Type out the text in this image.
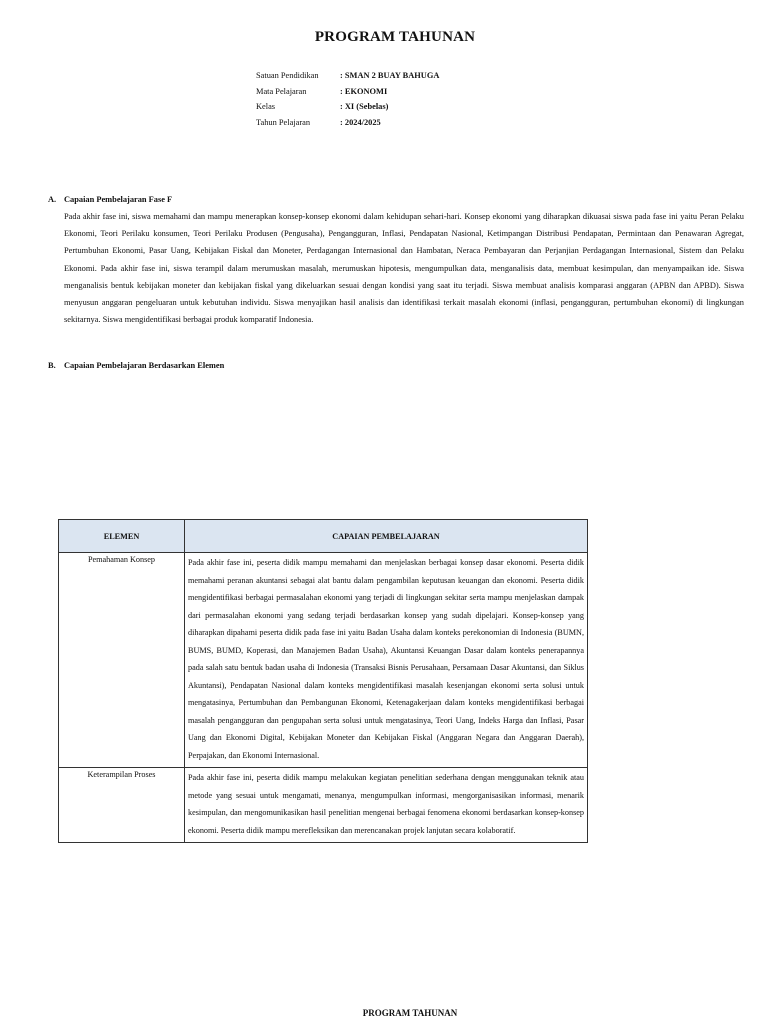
PROGRAM TAHUNAN
Satuan Pendidikan	: SMAN 2 BUAY BAHUGA
Mata Pelajaran	: EKONOMI
Kelas	: XI (Sebelas)
Tahun Pelajaran	: 2024/2025
A. Capaian Pembelajaran Fase F
Pada akhir fase ini, siswa memahami dan mampu menerapkan konsep-konsep ekonomi dalam kehidupan sehari-hari. Konsep ekonomi yang diharapkan dikuasai siswa pada fase ini yaitu Peran Pelaku Ekonomi, Teori Perilaku konsumen, Teori Perilaku Produsen (Pengusaha), Pengangguran, Inflasi, Pendapatan Nasional, Ketimpangan Distribusi Pendapatan, Permintaan dan Penawaran Agregat, Pertumbuhan Ekonomi, Pasar Uang, Kebijakan Fiskal dan Moneter, Perdagangan Internasional dan Hambatan, Neraca Pembayaran dan Perjanjian Perdagangan Internasional, Sistem dan Pelaku Ekonomi. Pada akhir fase ini, siswa terampil dalam merumuskan masalah, merumuskan hipotesis, mengumpulkan data, menganalisis data, membuat kesimpulan, dan menyampaikan ide. Siswa menganalisis bentuk kebijakan moneter dan kebijakan fiskal yang dikeluarkan sesuai dengan kondisi yang saat itu terjadi. Siswa membuat analisis komparasi anggaran (APBN dan APBD). Siswa menyusun anggaran pengeluaran untuk kebutuhan individu. Siswa menyajikan hasil analisis dan identifikasi terkait masalah ekonomi (inflasi, pengangguran, pertumbuhan ekonomi) di lingkungan sekitarnya. Siswa mengidentifikasi berbagai produk komparatif Indonesia.
B. Capaian Pembelajaran Berdasarkan Elemen
ELEMEN	CAPAIAN PEMBELAJARAN
Pemahaman Konsep	Pada akhir fase ini, peserta didik mampu memahami dan menjelaskan berbagai konsep dasar ekonomi. Peserta didik memahami peranan akuntansi sebagai alat bantu dalam pengambilan keputusan keuangan dan ekonomi. Peserta didik mengidentifikasi berbagai permasalahan ekonomi yang terjadi di lingkungan sekitar serta mampu menjelaskan dampak dari permasalahan ekonomi yang sedang terjadi berdasarkan konsep yang sudah dipelajari. Konsep-konsep yang diharapkan dipahami peserta didik pada fase ini yaitu Badan Usaha dalam konteks perekonomian di Indonesia (BUMN, BUMS, BUMD, Koperasi, dan Manajemen Badan Usaha), Akuntansi Keuangan Dasar dalam konteks penerapannya pada salah satu bentuk badan usaha di Indonesia (Transaksi Bisnis Perusahaan, Persamaan Dasar Akuntansi, dan Siklus Akuntansi), Pendapatan Nasional dalam konteks mengidentifikasi masalah kesenjangan ekonomi serta solusi untuk mengatasinya, Pertumbuhan dan Pembangunan Ekonomi, Ketenagakerjaan dalam konteks mengidentifikasi berbagai masalah pengangguran dan pengupahan serta solusi untuk mengatasinya, Teori Uang, Indeks Harga dan Inflasi, Pasar Uang dan Ekonomi Digital, Kebijakan Moneter dan Kebijakan Fiskal (Anggaran Negara dan Anggaran Daerah), Perpajakan, dan Ekonomi Internasional.
Keterampilan Proses	Pada akhir fase ini, peserta didik mampu melakukan kegiatan penelitian sederhana dengan menggunakan teknik atau metode yang sesuai untuk mengamati, menanya, mengumpulkan informasi, mengorganisasikan informasi, menarik kesimpulan, dan mengomunikasikan hasil penelitian mengenai berbagai fenomena ekonomi berdasarkan konsep-konsep ekonomi. Peserta didik mampu merefleksikan dan merencanakan projek lanjutan secara kolaboratif.
PROGRAM TAHUNAN
